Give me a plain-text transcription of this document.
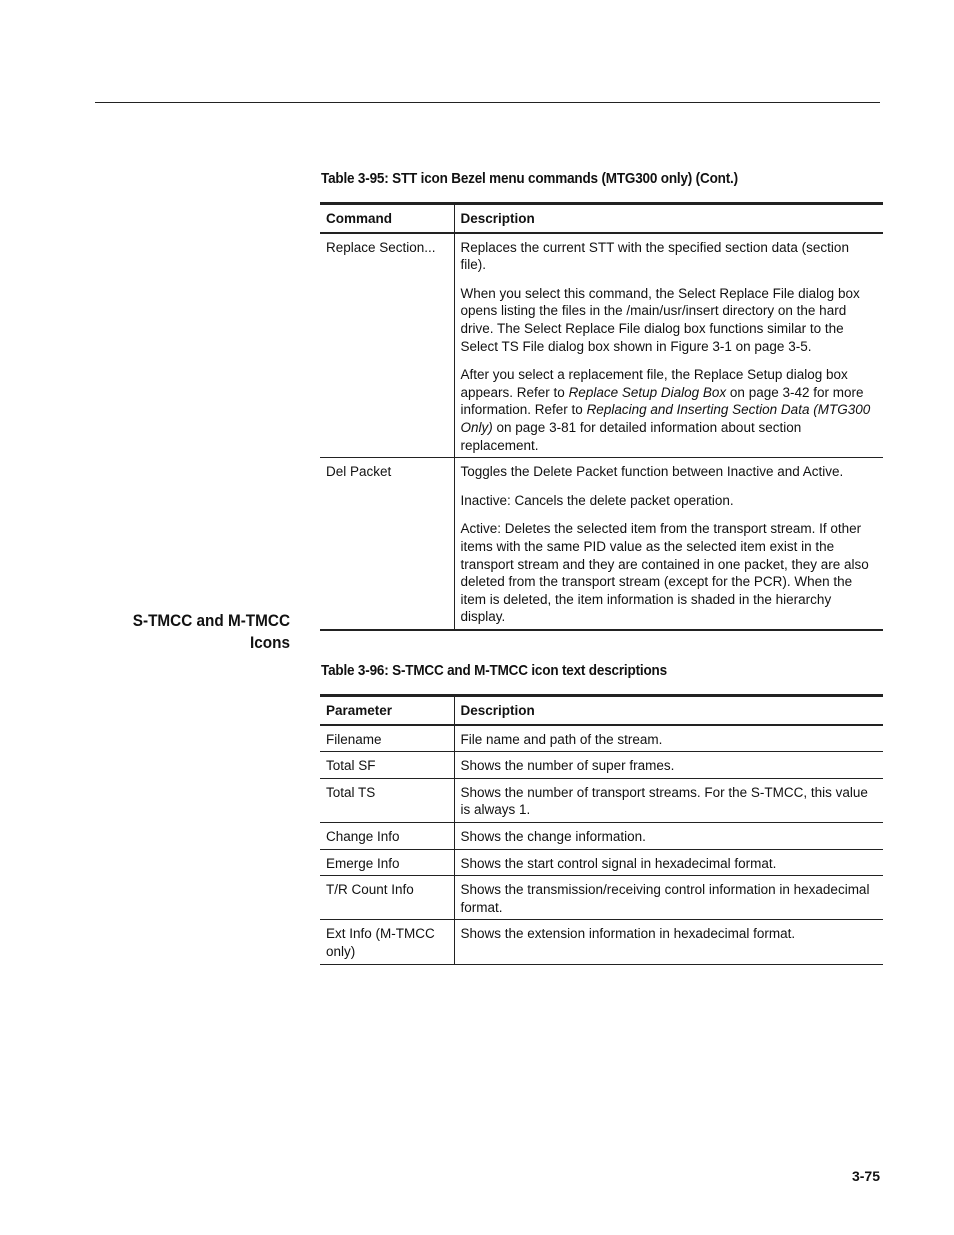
Table 3-95: STT icon Bezel menu commands (MTG300 only) (Cont.)
Command	Description
Replace Section...	Replaces the current STT with the specified section data (section file).

When you select this command, the Select Replace File dialog box opens listing the files in the /main/usr/insert directory on the hard drive. The Select Replace File dialog box functions similar to the Select TS File dialog box shown in Figure 3-1 on page 3-5.

After you select a replacement file, the Replace Setup dialog box appears. Refer to Replace Setup Dialog Box on page 3-42 for more information. Refer to Replacing and Inserting Section Data (MTG300 Only) on page 3-81 for detailed information about section replacement.

Del Packet	Toggles the Delete Packet function between Inactive and Active.

Inactive: Cancels the delete packet operation.

Active: Deletes the selected item from the transport stream. If other items with the same PID value as the selected item exist in the transport stream and they are contained in one packet, they are also deleted from the transport stream (except for the PCR). When the item is deleted, the item information is shaded in the hierarchy display.

S-TMCC and M-TMCC Icons
Table 3-96: S-TMCC and M-TMCC icon text descriptions
Parameter	Description
Filename	File name and path of the stream.
Total SF	Shows the number of super frames.
Total TS	Shows the number of transport streams. For the S-TMCC, this value is always 1.
Change Info	Shows the change information.
Emerge Info	Shows the start control signal in hexadecimal format.
T/R Count Info	Shows the transmission/receiving control information in hexadecimal format.
Ext Info (M-TMCC only)	Shows the extension information in hexadecimal format.
3-75
